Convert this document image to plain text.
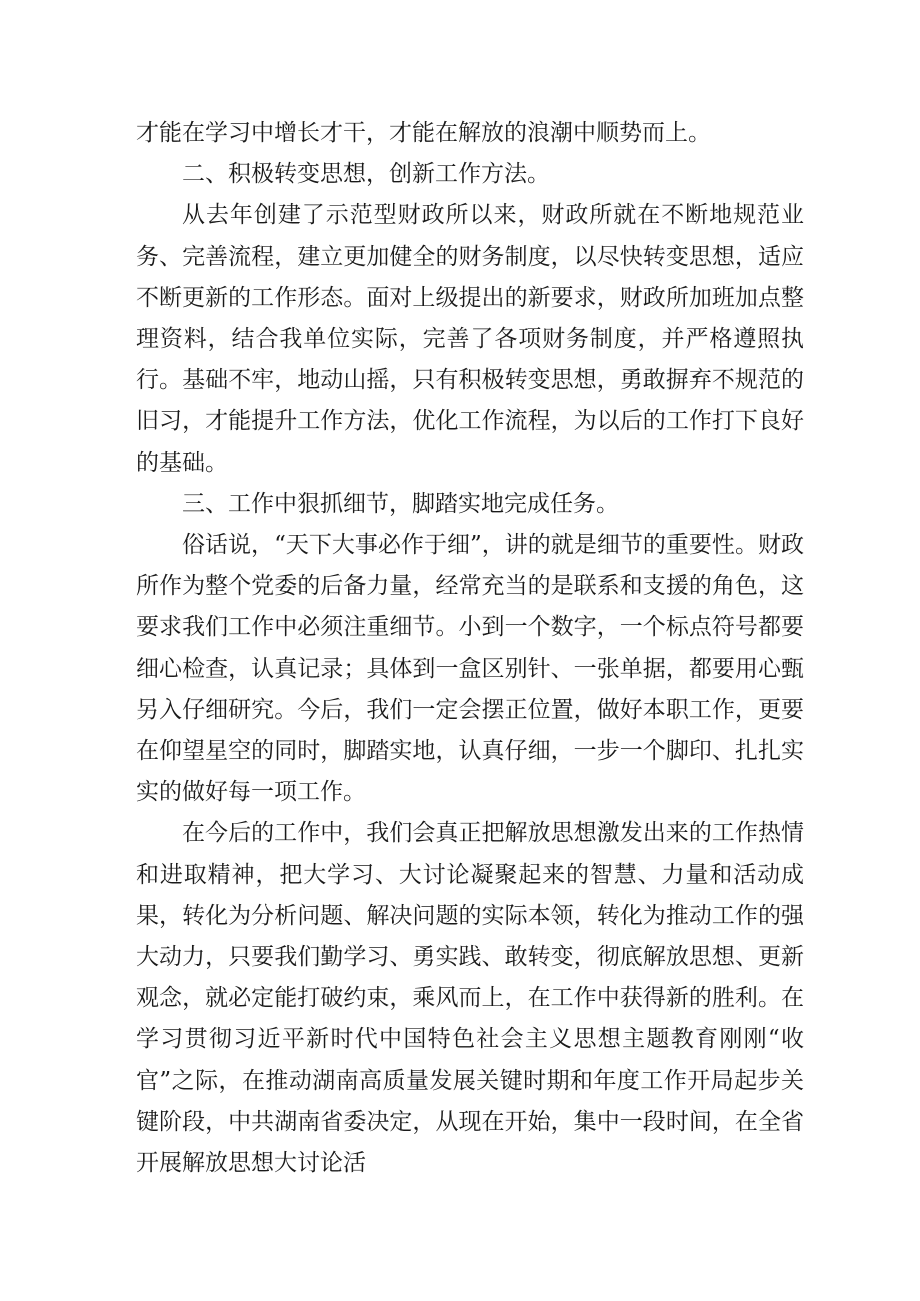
才能在学习中增长才干，才能在解放的浪潮中顺势而上。

二、积极转变思想，创新工作方法。

从去年创建了示范型财政所以来，财政所就在不断地规范业务、完善流程，建立更加健全的财务制度，以尽快转变思想，适应不断更新的工作形态。面对上级提出的新要求，财政所加班加点整理资料，结合我单位实际，完善了各项财务制度，并严格遵照执行。基础不牢，地动山摇，只有积极转变思想，勇敢摒弃不规范的旧习，才能提升工作方法，优化工作流程，为以后的工作打下良好的基础。

三、工作中狠抓细节，脚踏实地完成任务。

俗话说，“天下大事必作于细”，讲的就是细节的重要性。财政所作为整个党委的后备力量，经常充当的是联系和支援的角色，这要求我们工作中必须注重细节。小到一个数字，一个标点符号都要细心检查，认真记录；具体到一盒区别针、一张单据，都要用心甄另入仔细研究。今后，我们一定会摆正位置，做好本职工作，更要在仰望星空的同时，脚踏实地，认真仔细，一步一个脚印、扎扎实实的做好每一项工作。

在今后的工作中，我们会真正把解放思想激发出来的工作热情和进取精神，把大学习、大讨论凝聚起来的智慧、力量和活动成果，转化为分析问题、解决问题的实际本领，转化为推动工作的强大动力，只要我们勤学习、勇实践、敢转变，彻底解放思想、更新观念，就必定能打破约束，乘风而上，在工作中获得新的胜利。在学习贯彻习近平新时代中国特色社会主义思想主题教育刚刚“收官”之际，在推动湖南高质量发展关键时期和年度工作开局起步关键阶段，中共湖南省委决定，从现在开始，集中一段时间，在全省开展解放思想大讨论活
